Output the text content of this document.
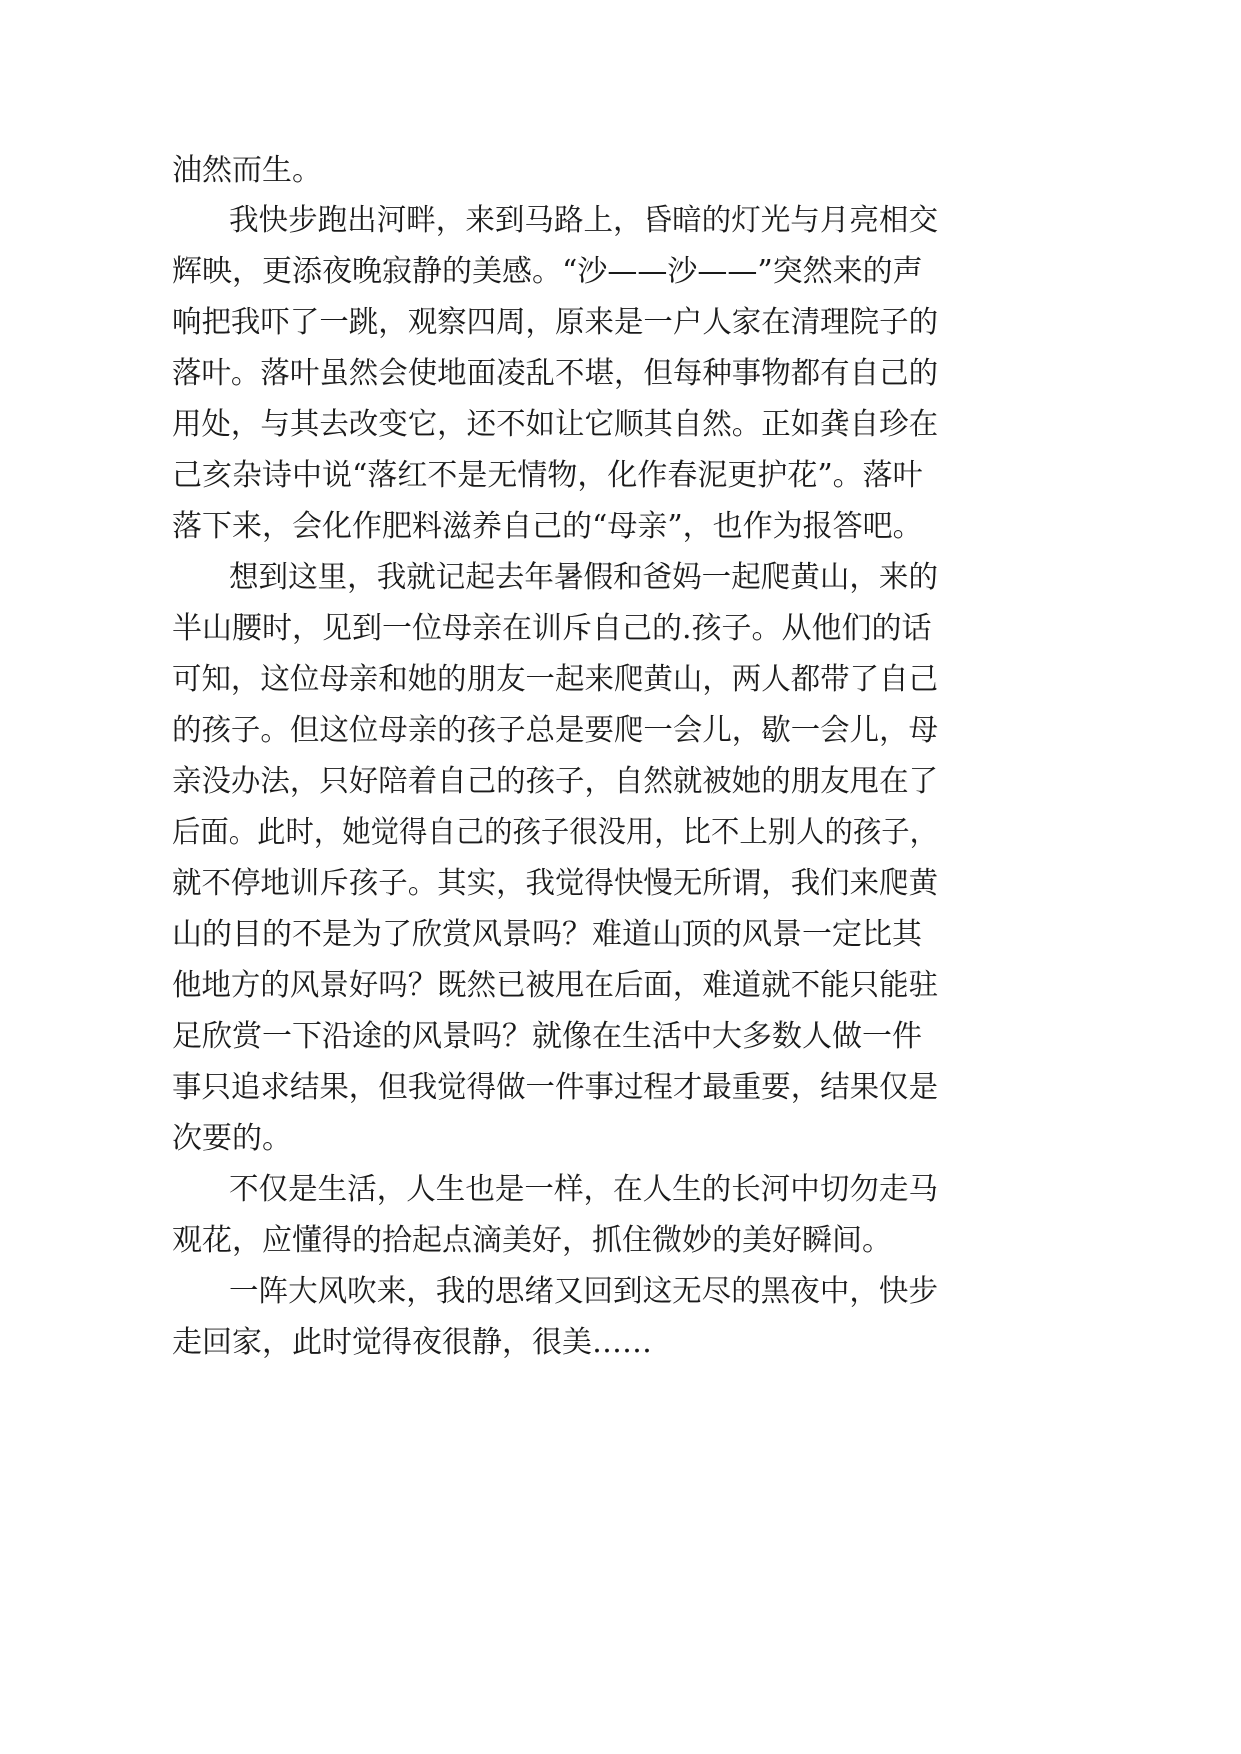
油然而生。
我快步跑出河畔，来到马路上，昏暗的灯光与月亮相交
辉映，更添夜晚寂静的美感。“沙——沙——”突然来的声
响把我吓了一跳，观察四周，原来是一户人家在清理院子的
落叶。落叶虽然会使地面凌乱不堪，但每种事物都有自己的
用处，与其去改变它，还不如让它顺其自然。正如龚自珍在
己亥杂诗中说“落红不是无情物，化作春泥更护花”。落叶
落下来，会化作肥料滋养自己的“母亲”，也作为报答吧。
想到这里，我就记起去年暑假和爸妈一起爬黄山，来的
半山腰时，见到一位母亲在训斥自己的.孩子。从他们的话
可知，这位母亲和她的朋友一起来爬黄山，两人都带了自己
的孩子。但这位母亲的孩子总是要爬一会儿，歇一会儿，母
亲没办法，只好陪着自己的孩子，自然就被她的朋友甩在了
后面。此时，她觉得自己的孩子很没用，比不上别人的孩子，
就不停地训斥孩子。其实，我觉得快慢无所谓，我们来爬黄
山的目的不是为了欣赏风景吗？难道山顶的风景一定比其
他地方的风景好吗？既然已被甩在后面，难道就不能只能驻
足欣赏一下沿途的风景吗？就像在生活中大多数人做一件
事只追求结果，但我觉得做一件事过程才最重要，结果仅是
次要的。
不仅是生活，人生也是一样，在人生的长河中切勿走马
观花，应懂得的拾起点滴美好，抓住微妙的美好瞬间。
一阵大风吹来，我的思绪又回到这无尽的黑夜中，快步
走回家，此时觉得夜很静，很美……
